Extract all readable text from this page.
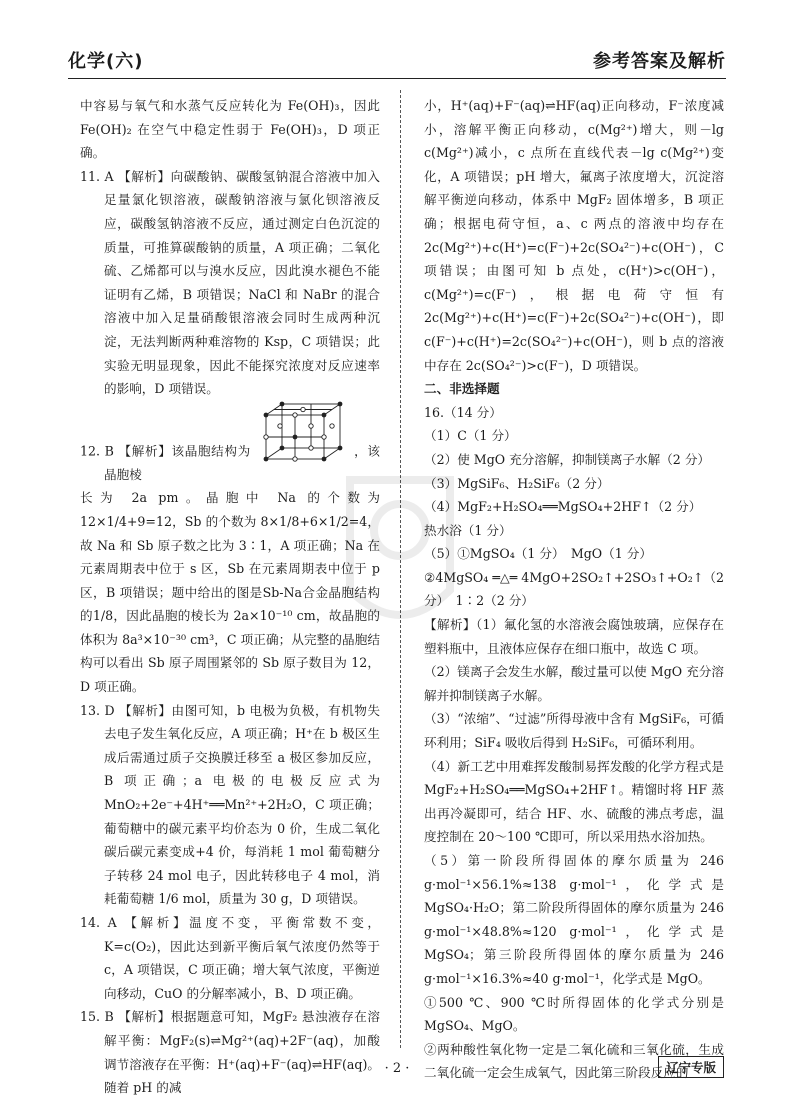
化学(六)	参考答案及解析

中容易与氧气和水蒸气反应转化为 Fe(OH)₃，因此 Fe(OH)₂ 在空气中稳定性弱于 Fe(OH)₃，D 项正确。

11. A 【解析】向碳酸钠、碳酸氢钠混合溶液中加入足量氯化钡溶液，碳酸钠溶液与氯化钡溶液反应，碳酸氢钠溶液不反应，通过测定白色沉淀的质量，可推算碳酸钠的质量，A 项正确；二氧化硫、乙烯都可以与溴水反应，因此溴水褪色不能证明有乙烯，B 项错误；NaCl 和 NaBr 的混合溶液中加入足量硝酸银溶液会同时生成两种沉淀，无法判断两种难溶物的 Ksp，C 项错误；此实验无明显现象，因此不能探究浓度对反应速率的影响，D 项错误。

12. B 【解析】该晶胞结构为	，该晶胞棱

长为 2a pm。晶胞中 Na 的个数为 12×1/4+9=12，Sb 的个数为 8×1/8+6×1/2=4，故 Na 和 Sb 原子数之比为 3∶1，A 项正确；Na 在元素周期表中位于 s 区，Sb 在元素周期表中位于 p 区，B 项错误；题中给出的图是Sb-Na合金晶胞结构的1/8，因此晶胞的棱长为 2a×10⁻¹⁰ cm，故晶胞的体积为 8a³×10⁻³⁰ cm³，C 项正确；从完整的晶胞结构可以看出 Sb 原子周围紧邻的 Sb 原子数目为 12，D 项正确。

13. D 【解析】由图可知，b 电极为负极，有机物失去电子发生氧化反应，A 项正确；H⁺在 b 极区生成后需通过质子交换膜迁移至 a 极区参加反应，B 项正确；a 电极的电极反应式为 MnO₂+2e⁻+4H⁺══Mn²⁺+2H₂O，C 项正确；葡萄糖中的碳元素平均价态为 0 价，生成二氧化碳后碳元素变成+4 价，每消耗 1 mol 葡萄糖分子转移 24 mol 电子，因此转移电子 4 mol，消耗葡萄糖 1/6 mol，质量为 30 g，D 项错误。

14. A 【解析】温度不变，平衡常数不变，K=c(O₂)，因此达到新平衡后氧气浓度仍然等于 c，A 项错误，C 项正确；增大氧气浓度，平衡逆向移动，CuO 的分解率减小，B、D 项正确。

15. B 【解析】根据题意可知，MgF₂ 悬浊液存在溶解平衡：MgF₂(s)⇌Mg²⁺(aq)+2F⁻(aq)，加酸调节溶液存在平衡：H⁺(aq)+F⁻(aq)⇌HF(aq)。随着 pH 的减

小，H⁺(aq)+F⁻(aq)⇌HF(aq)正向移动，F⁻浓度减小，溶解平衡正向移动，c(Mg²⁺)增大，则－lg c(Mg²⁺)减小，c 点所在直线代表－lg c(Mg²⁺)变化，A 项错误；pH 增大，氟离子浓度增大，沉淀溶解平衡逆向移动，体系中 MgF₂ 固体增多，B 项正确；根据电荷守恒，a、c 两点的溶液中均存在 2c(Mg²⁺)+c(H⁺)=c(F⁻)+2c(SO₄²⁻)+c(OH⁻)，C 项错误；由图可知 b 点处，c(H⁺)>c(OH⁻)，c(Mg²⁺)=c(F⁻)，根据电荷守恒有 2c(Mg²⁺)+c(H⁺)=c(F⁻)+2c(SO₄²⁻)+c(OH⁻)，即 c(F⁻)+c(H⁺)=2c(SO₄²⁻)+c(OH⁻)，则 b 点的溶液中存在 2c(SO₄²⁻)>c(F⁻)，D 项错误。

二、非选择题

16.（14 分）

（1）C（1 分）

（2）使 MgO 充分溶解，抑制镁离子水解（2 分）

（3）MgSiF₆、H₂SiF₆（2 分）

（4）MgF₂+H₂SO₄══MgSO₄+2HF↑（2 分）

热水浴（1 分）

（5）①MgSO₄（1 分）　MgO（1 分）

②4MgSO₄ ═△═ 4MgO+2SO₂↑+2SO₃↑+O₂↑（2 分）　1∶2（2 分）

【解析】（1）氟化氢的水溶液会腐蚀玻璃，应保存在塑料瓶中，且液体应保存在细口瓶中，故选 C 项。

（2）镁离子会发生水解，酸过量可以使 MgO 充分溶解并抑制镁离子水解。

（3）“浓缩”、“过滤”所得母液中含有 MgSiF₆，可循环利用；SiF₄ 吸收后得到 H₂SiF₆，可循环利用。

（4）新工艺中用难挥发酸制易挥发酸的化学方程式是 MgF₂+H₂SO₄══MgSO₄+2HF↑。精馏时将 HF 蒸出再冷凝即可，结合 HF、水、硫酸的沸点考虑，温度控制在 20～100 ℃即可，所以采用热水浴加热。

（5）第一阶段所得固体的摩尔质量为 246 g·mol⁻¹×56.1%≈138 g·mol⁻¹，化学式是 MgSO₄·H₂O；第二阶段所得固体的摩尔质量为 246 g·mol⁻¹×48.8%≈120 g·mol⁻¹，化学式是 MgSO₄；第三阶段所得固体的摩尔质量为 246 g·mol⁻¹×16.3%≈40 g·mol⁻¹，化学式是 MgO。

①500 ℃、900 ℃时所得固体的化学式分别是 MgSO₄、MgO。

②两种酸性氧化物一定是二氧化硫和三氧化硫，生成二氧化硫一定会生成氧气，因此第三阶段反应的

· 2 ·	辽宁专版
